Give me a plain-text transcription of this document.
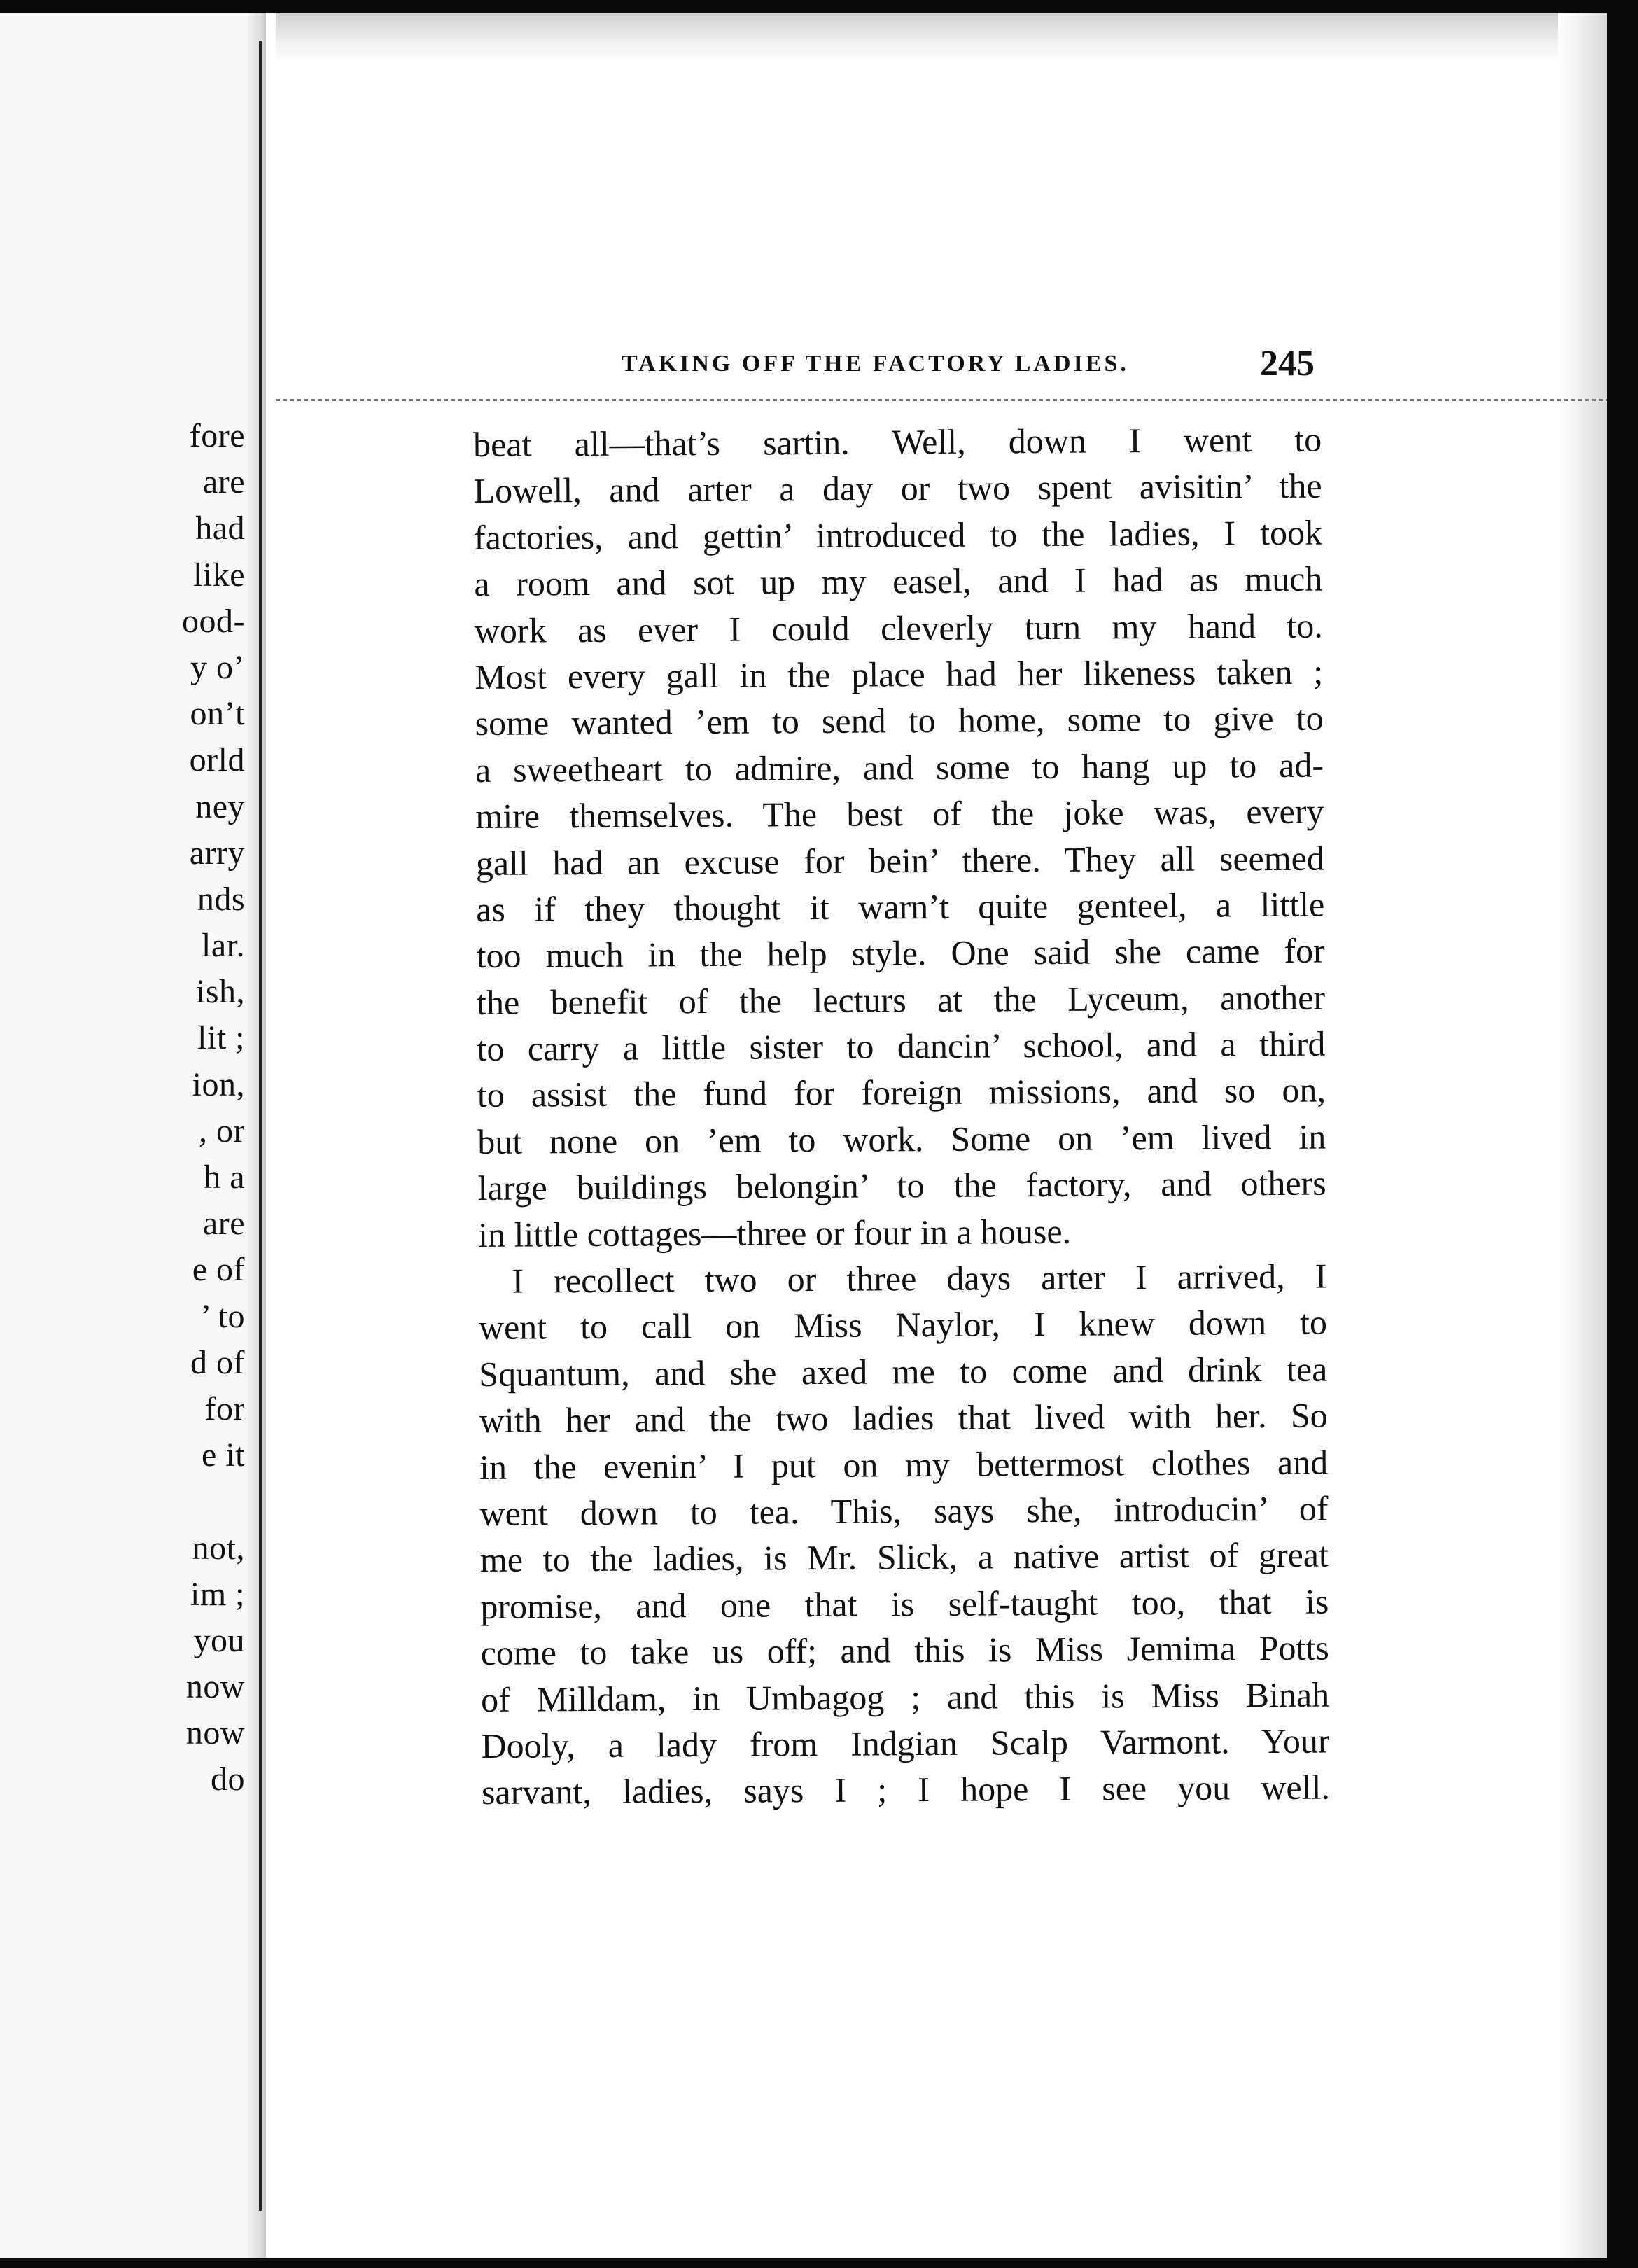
fore
are
had
like
ood-
y o’
on’t
orld
ney
arry
nds
lar.
ish,
lit ;
ion,
, or
h a
are
e of
’ to
d of
for
e it
not,
im ;
you
now
now
do
TAKING OFF THE FACTORY LADIES.	245
beat all—that’s sartin. Well, down I went to
Lowell, and arter a day or two spent avisitin’ the
factories, and gettin’ introduced to the ladies, I took
a room and sot up my easel, and I had as much
work as ever I could cleverly turn my hand to.
Most every gall in the place had her likeness taken ;
some wanted ’em to send to home, some to give to
a sweetheart to admire, and some to hang up to ad-
mire themselves. The best of the joke was, every
gall had an excuse for bein’ there. They all seemed
as if they thought it warn’t quite genteel, a little
too much in the help style. One said she came for
the benefit of the lecturs at the Lyceum, another
to carry a little sister to dancin’ school, and a third
to assist the fund for foreign missions, and so on,
but none on ’em to work. Some on ’em lived in
large buildings belongin’ to the factory, and others
in little cottages—three or four in a house.
I recollect two or three days arter I arrived, I
went to call on Miss Naylor, I knew down to
Squantum, and she axed me to come and drink tea
with her and the two ladies that lived with her. So
in the evenin’ I put on my bettermost clothes and
went down to tea. This, says she, introducin’ of
me to the ladies, is Mr. Slick, a native artist of great
promise, and one that is self-taught too, that is
come to take us off; and this is Miss Jemima Potts
of Milldam, in Umbagog ; and this is Miss Binah
Dooly, a lady from Indgian Scalp Varmont. Your
sarvant, ladies, says I ; I hope I see you well.
